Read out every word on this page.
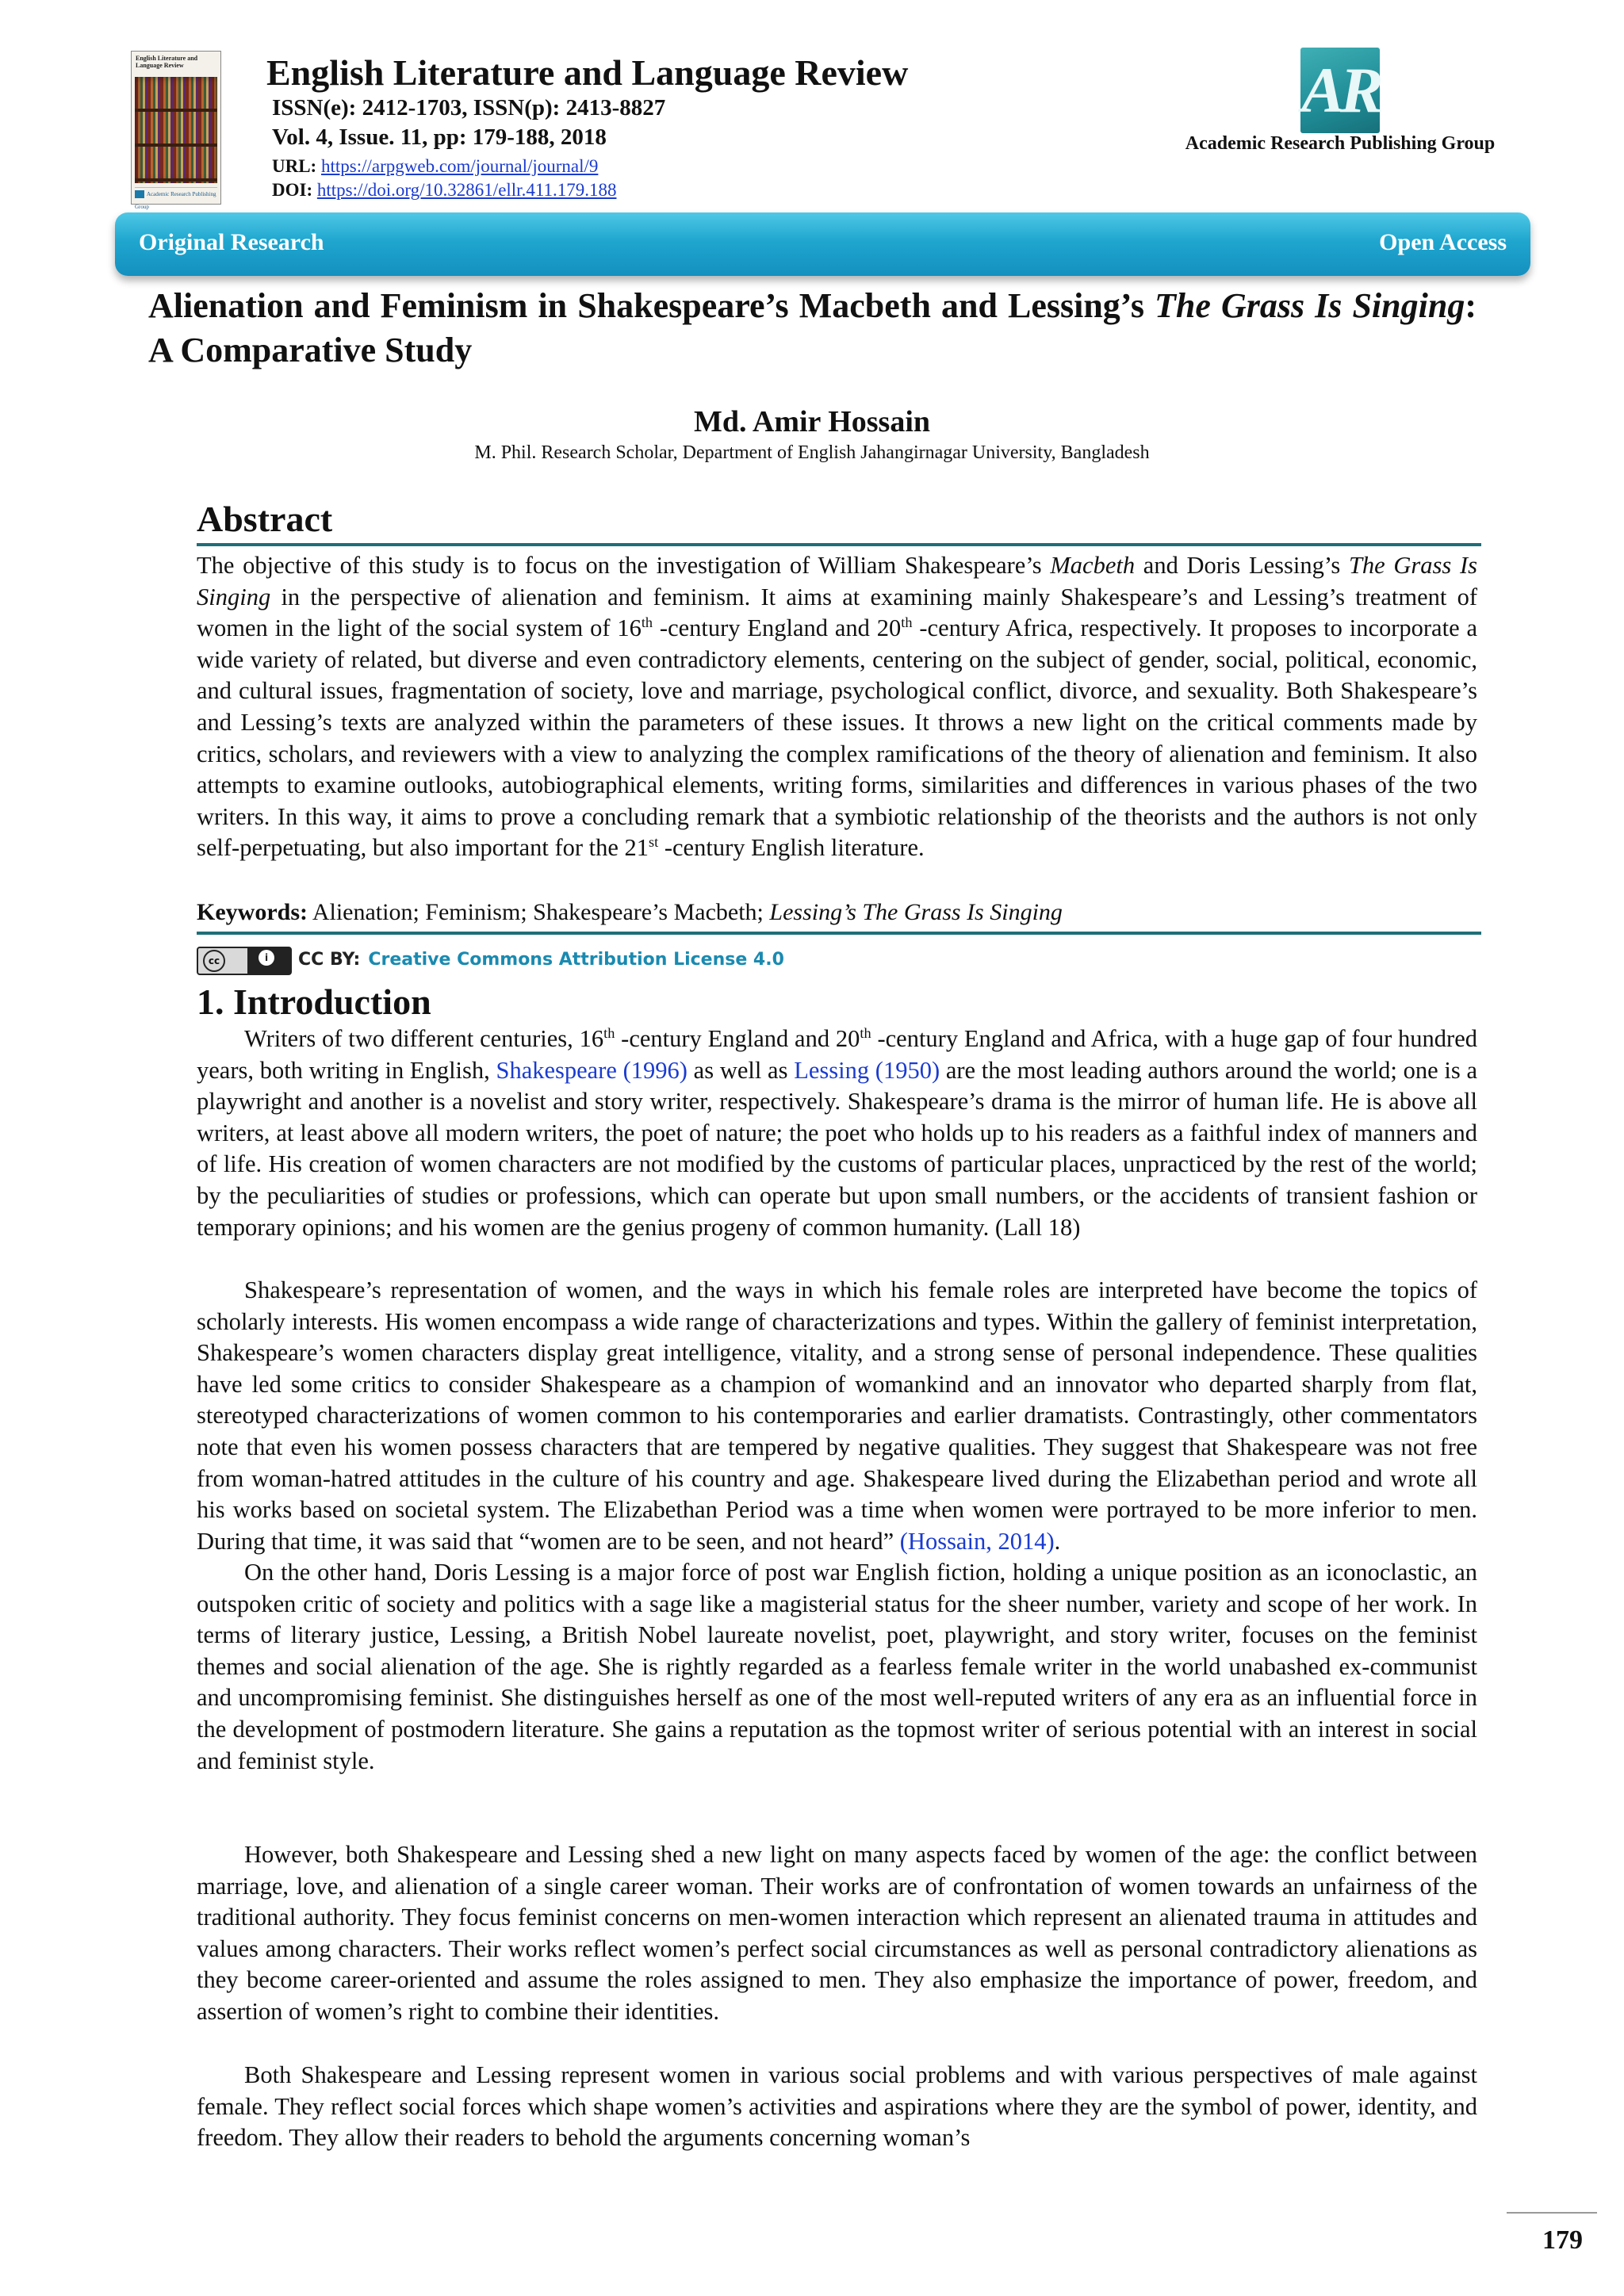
English Literature and Language Review
Academic Research Publishing Group
English Literature and Language Review
ISSN(e): 2412-1703, ISSN(p): 2413-8827
Vol. 4, Issue. 11, pp: 179-188, 2018
URL: https://arpgweb.com/journal/journal/9
DOI: https://doi.org/10.32861/ellr.411.179.188
AR
Academic Research Publishing Group
Original Research	Open Access
Alienation and Feminism in Shakespeare’s Macbeth and Lessing’s The Grass Is Singing: A Comparative Study
Md. Amir Hossain
M. Phil. Research Scholar, Department of English Jahangirnagar University, Bangladesh
Abstract

The objective of this study is to focus on the investigation of William Shakespeare’s Macbeth and Doris Lessing’s The Grass Is Singing in the perspective of alienation and feminism. It aims at examining mainly Shakespeare’s and Lessing’s treatment of women in the light of the social system of 16th -century England and 20th -century Africa, respectively. It proposes to incorporate a wide variety of related, but diverse and even contradictory elements, centering on the subject of gender, social, political, economic, and cultural issues, fragmentation of society, love and marriage, psychological conflict, divorce, and sexuality. Both Shakespeare’s and Lessing’s texts are analyzed within the parameters of these issues. It throws a new light on the critical comments made by critics, scholars, and reviewers with a view to analyzing the complex ramifications of the theory of alienation and feminism. It also attempts to examine outlooks, autobiographical elements, writing forms, similarities and differences in various phases of the two writers. In this way, it aims to prove a concluding remark that a symbiotic relationship of the theorists and the authors is not only self-perpetuating, but also important for the 21st -century English literature.

Keywords: Alienation; Feminism; Shakespeare’s Macbeth; Lessing’s The Grass Is Singing

cc	i	CC BY: Creative Commons Attribution License 4.0
1. Introduction

Writers of two different centuries, 16th -century England and 20th -century England and Africa, with a huge gap of four hundred years, both writing in English, Shakespeare (1996) as well as Lessing (1950) are the most leading authors around the world; one is a playwright and another is a novelist and story writer, respectively. Shakespeare’s drama is the mirror of human life. He is above all writers, at least above all modern writers, the poet of nature; the poet who holds up to his readers as a faithful index of manners and of life. His creation of women characters are not modified by the customs of particular places, unpracticed by the rest of the world; by the peculiarities of studies or professions, which can operate but upon small numbers, or the accidents of transient fashion or temporary opinions; and his women are the genius progeny of common humanity. (Lall 18)

Shakespeare’s representation of women, and the ways in which his female roles are interpreted have become the topics of scholarly interests. His women encompass a wide range of characterizations and types. Within the gallery of feminist interpretation, Shakespeare’s women characters display great intelligence, vitality, and a strong sense of personal independence. These qualities have led some critics to consider Shakespeare as a champion of womankind and an innovator who departed sharply from flat, stereotyped characterizations of women common to his contemporaries and earlier dramatists. Contrastingly, other commentators note that even his women possess characters that are tempered by negative qualities. They suggest that Shakespeare was not free from woman-hatred attitudes in the culture of his country and age. Shakespeare lived during the Elizabethan period and wrote all his works based on societal system. The Elizabethan Period was a time when women were portrayed to be more inferior to men. During that time, it was said that “women are to be seen, and not heard” (Hossain, 2014).

On the other hand, Doris Lessing is a major force of post war English fiction, holding a unique position as an iconoclastic, an outspoken critic of society and politics with a sage like a magisterial status for the sheer number, variety and scope of her work. In terms of literary justice, Lessing, a British Nobel laureate novelist, poet, playwright, and story writer, focuses on the feminist themes and social alienation of the age. She is rightly regarded as a fearless female writer in the world unabashed ex-communist and uncompromising feminist. She distinguishes herself as one of the most well-reputed writers of any era as an influential force in the development of postmodern literature. She gains a reputation as the topmost writer of serious potential with an interest in social and feminist style.

However, both Shakespeare and Lessing shed a new light on many aspects faced by women of the age: the conflict between marriage, love, and alienation of a single career woman. Their works are of confrontation of women towards an unfairness of the traditional authority. They focus feminist concerns on men-women interaction which represent an alienated trauma in attitudes and values among characters. Their works reflect women’s perfect social circumstances as well as personal contradictory alienations as they become career-oriented and assume the roles assigned to men. They also emphasize the importance of power, freedom, and assertion of women’s right to combine their identities.

Both Shakespeare and Lessing represent women in various social problems and with various perspectives of male against female. They reflect social forces which shape women’s activities and aspirations where they are the symbol of power, identity, and freedom. They allow their readers to behold the arguments concerning woman’s

179
